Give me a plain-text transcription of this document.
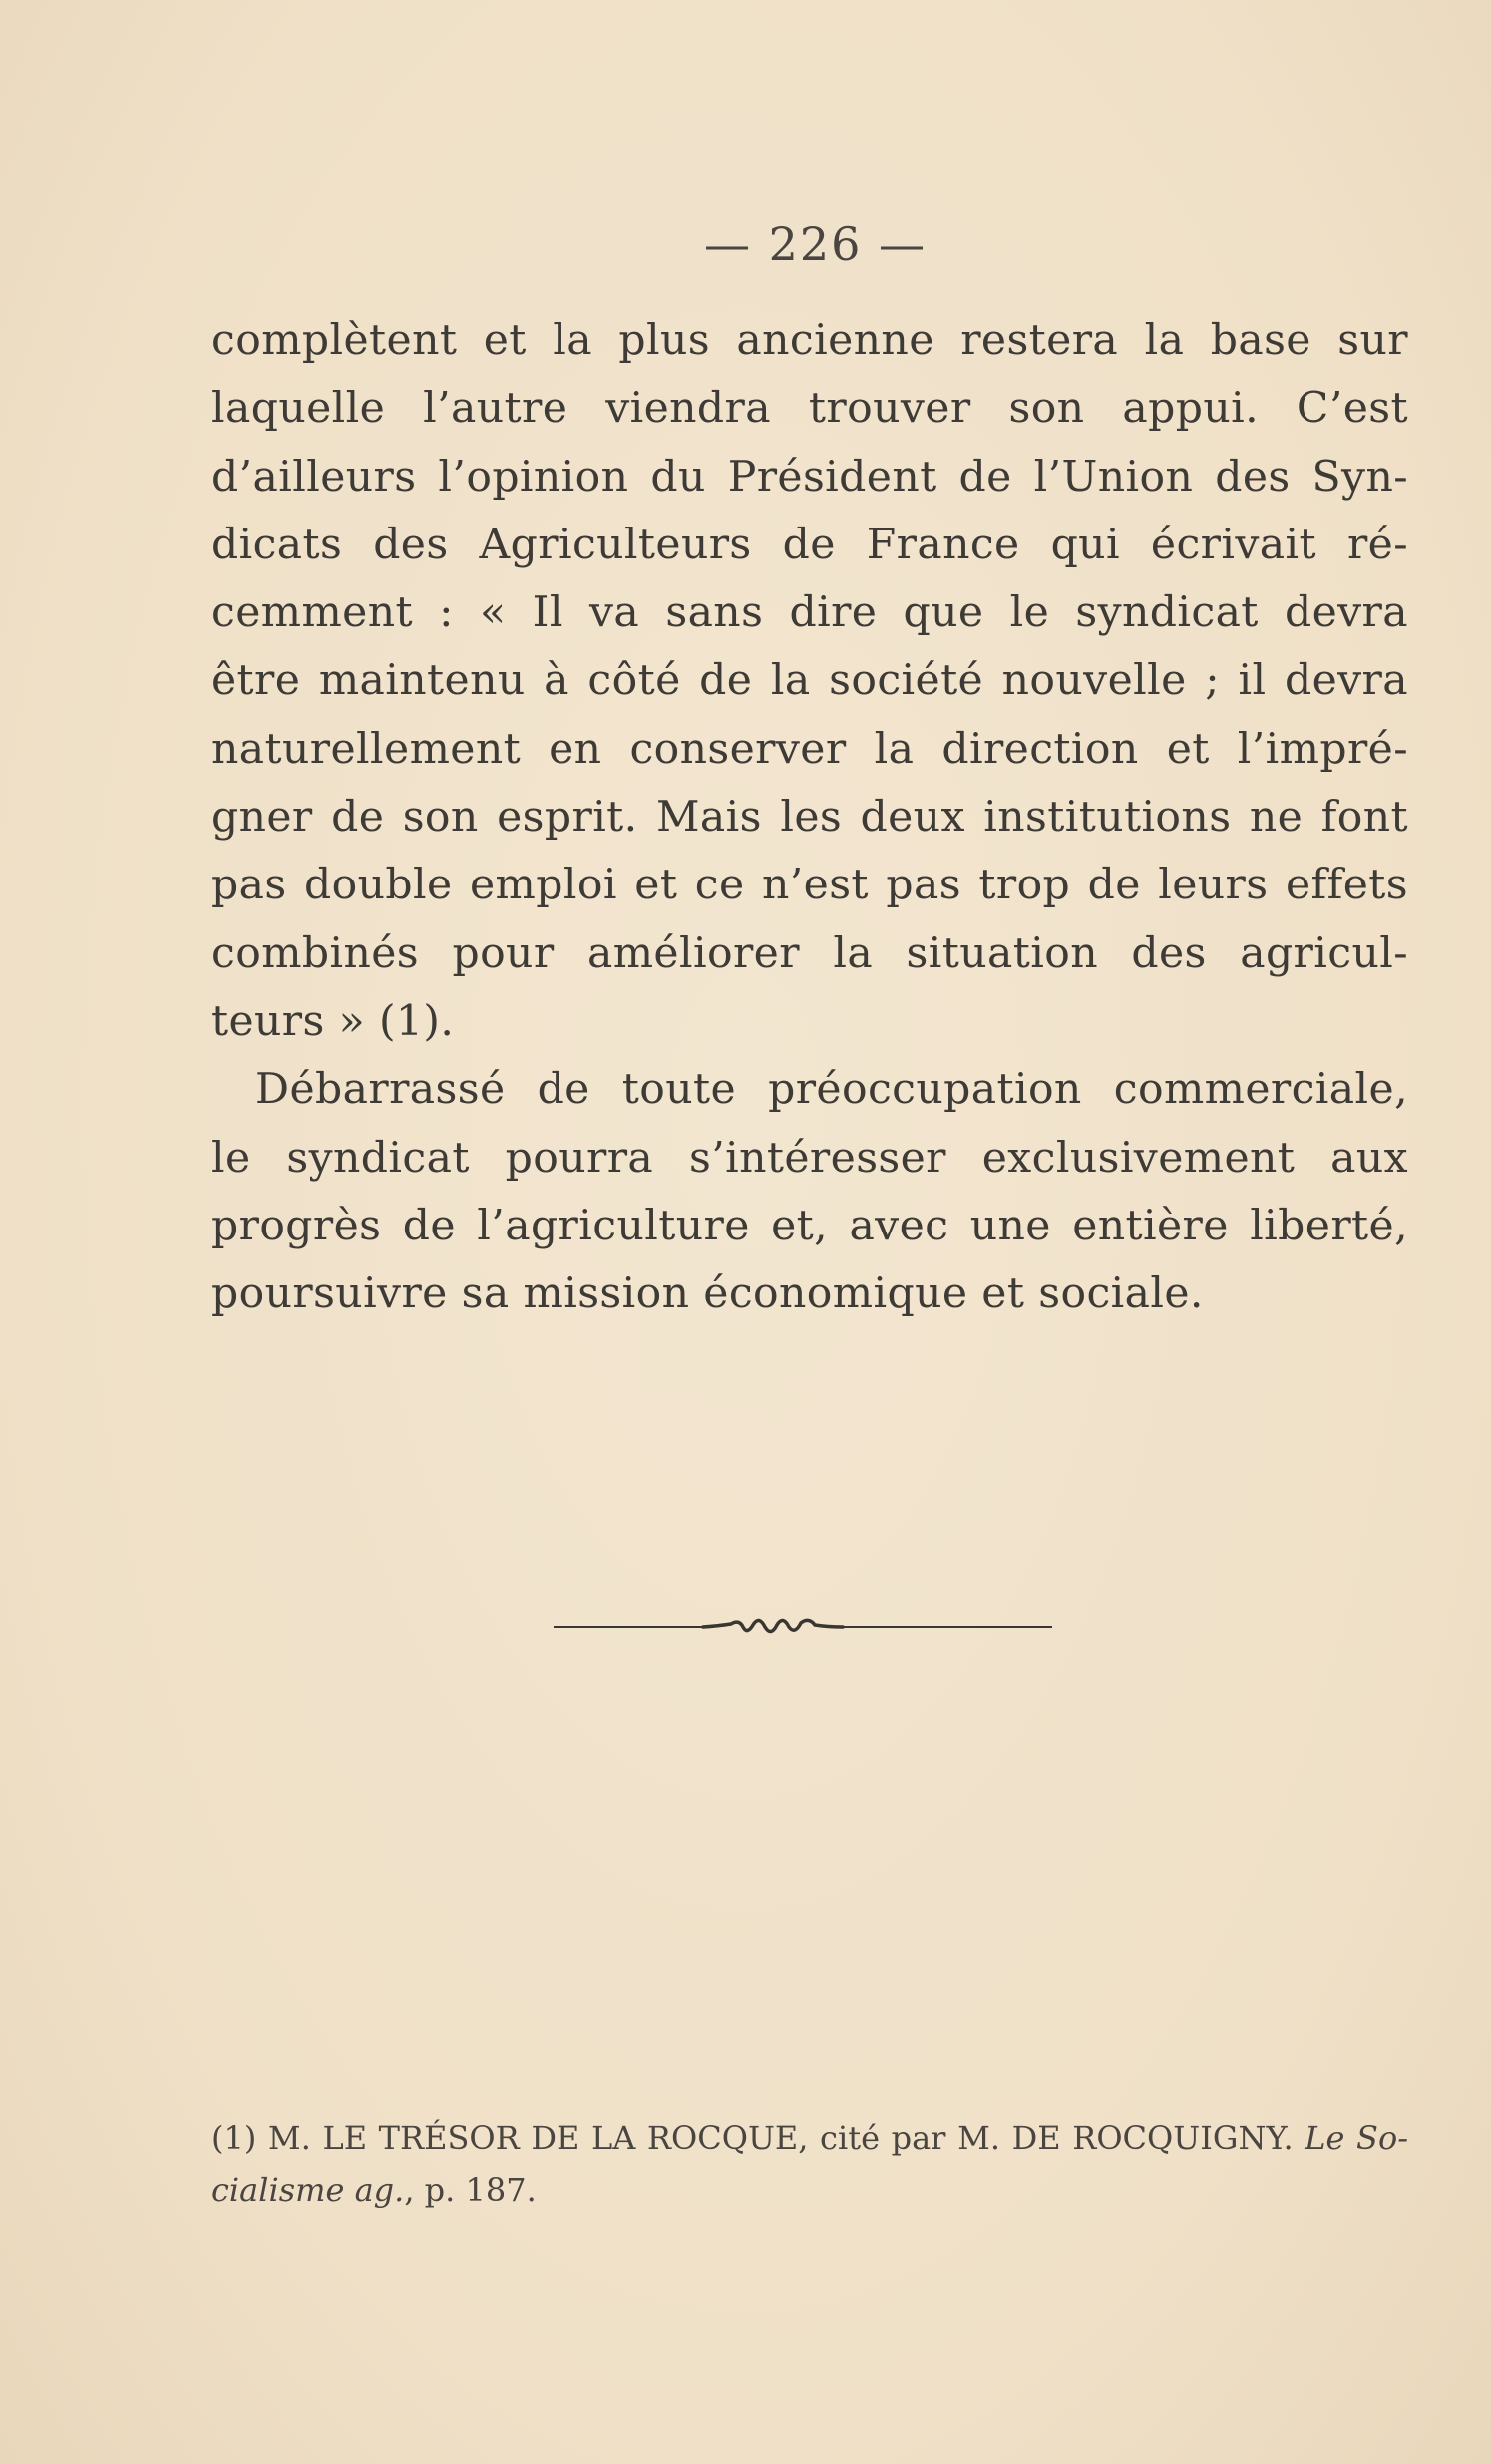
— 226 —
complètent et la plus ancienne restera la base sur
laquelle l’autre viendra trouver son appui. C’est
d’ailleurs l’opinion du Président de l’Union des Syn-
dicats des Agriculteurs de France qui écrivait ré-
cemment : « Il va sans dire que le syndicat devra
être maintenu à côté de la société nouvelle ; il devra
naturellement en conserver la direction et l’impré-
gner de son esprit. Mais les deux institutions ne font
pas double emploi et ce n’est pas trop de leurs effets
combinés pour améliorer la situation des agricul-
teurs » (1).
Débarrassé de toute préoccupation commerciale,
le syndicat pourra s’intéresser exclusivement aux
progrès de l’agriculture et, avec une entière liberté,
poursuivre sa mission économique et sociale.
(1) M. LE TRÉSOR DE LA ROCQUE, cité par M. DE ROCQUIGNY. Le So-
cialisme ag., p. 187.
